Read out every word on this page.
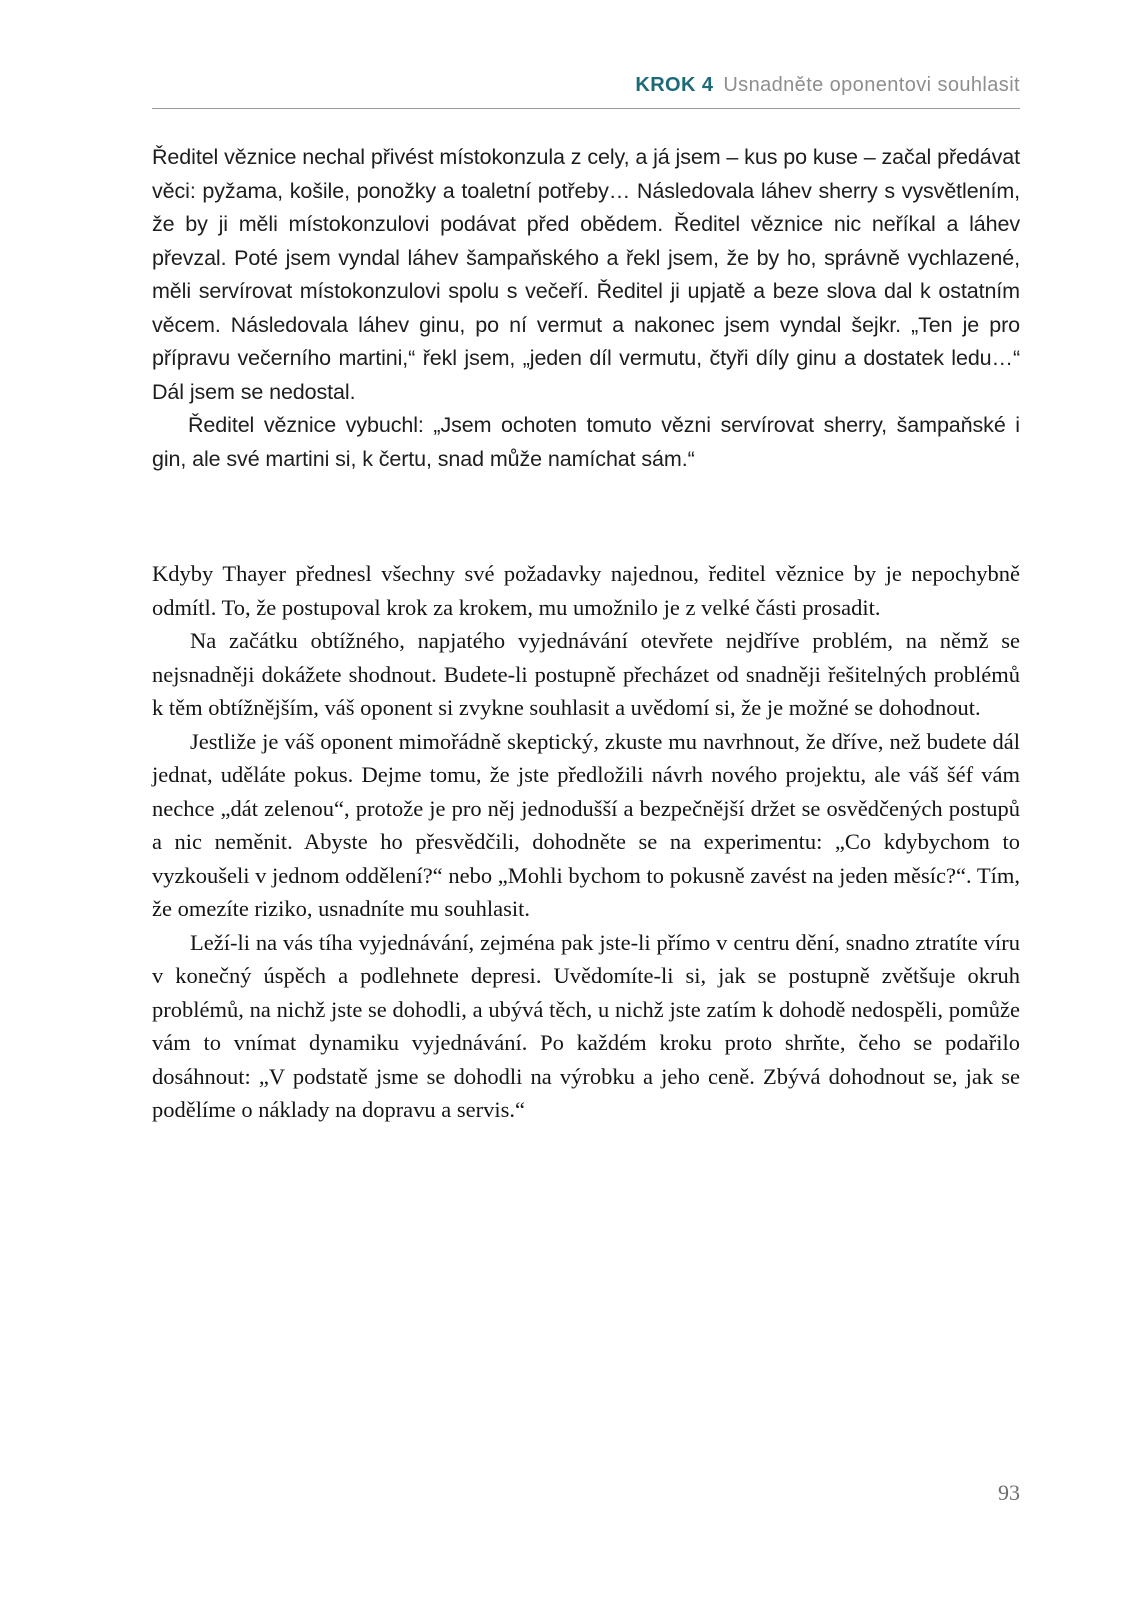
KROK 4 Usnadněte oponentovi souhlasit

Ředitel věznice nechal přivést místokonzula z cely, a já jsem – kus po kuse – začal předávat věci: pyžama, košile, ponožky a toaletní potřeby… Následovala láhev sherry s vysvětlením, že by ji měli místokonzulovi podávat před obědem. Ředitel věznice nic neříkal a láhev převzal. Poté jsem vyndal láhev šampaňského a řekl jsem, že by ho, správně vychlazené, měli servírovat místokonzulovi spolu s večeří. Ředitel ji upjatě a beze slova dal k ostatním věcem. Následovala láhev ginu, po ní vermut a nakonec jsem vyndal šejkr. „Ten je pro přípravu večerního martini,“ řekl jsem, „jeden díl vermutu, čtyři díly ginu a dostatek ledu…“ Dál jsem se nedostal.

Ředitel věznice vybuchl: „Jsem ochoten tomuto vězni servírovat sherry, šampaňské i gin, ale své martini si, k čertu, snad může namíchat sám.“

Kdyby Thayer přednesl všechny své požadavky najednou, ředitel věznice by je nepochybně odmítl. To, že postupoval krok za krokem, mu umožnilo je z velké části prosadit.

Na začátku obtížného, napjatého vyjednávání otevřete nejdříve problém, na němž se nejsnadněji dokážete shodnout. Budete-li postupně přecházet od snadněji řešitelných problémů k těm obtížnějším, váš oponent si zvykne souhlasit a uvědomí si, že je možné se dohodnout.

Jestliže je váš oponent mimořádně skeptický, zkuste mu navrhnout, že dříve, než budete dál jednat, uděláte pokus. Dejme tomu, že jste předložili návrh nového projektu, ale váš šéf vám nechce „dát zelenou“, protože je pro něj jednodušší a bezpečnější držet se osvědčených postupů a nic neměnit. Abyste ho přesvědčili, dohodněte se na experimentu: „Co kdybychom to vyzkoušeli v jednom oddělení?“ nebo „Mohli bychom to pokusně zavést na jeden měsíc?“. Tím, že omezíte riziko, usnadníte mu souhlasit.

Leží-li na vás tíha vyjednávání, zejména pak jste-li přímo v centru dění, snadno ztratíte víru v konečný úspěch a podlehnete depresi. Uvědomíte-li si, jak se postupně zvětšuje okruh problémů, na nichž jste se dohodli, a ubývá těch, u nichž jste zatím k dohodě nedospěli, pomůže vám to vnímat dynamiku vyjednávání. Po každém kroku proto shrňte, čeho se podařilo dosáhnout: „V podstatě jsme se dohodli na výrobku a jeho ceně. Zbývá dohodnout se, jak se podělíme o náklady na dopravu a servis.“

93
